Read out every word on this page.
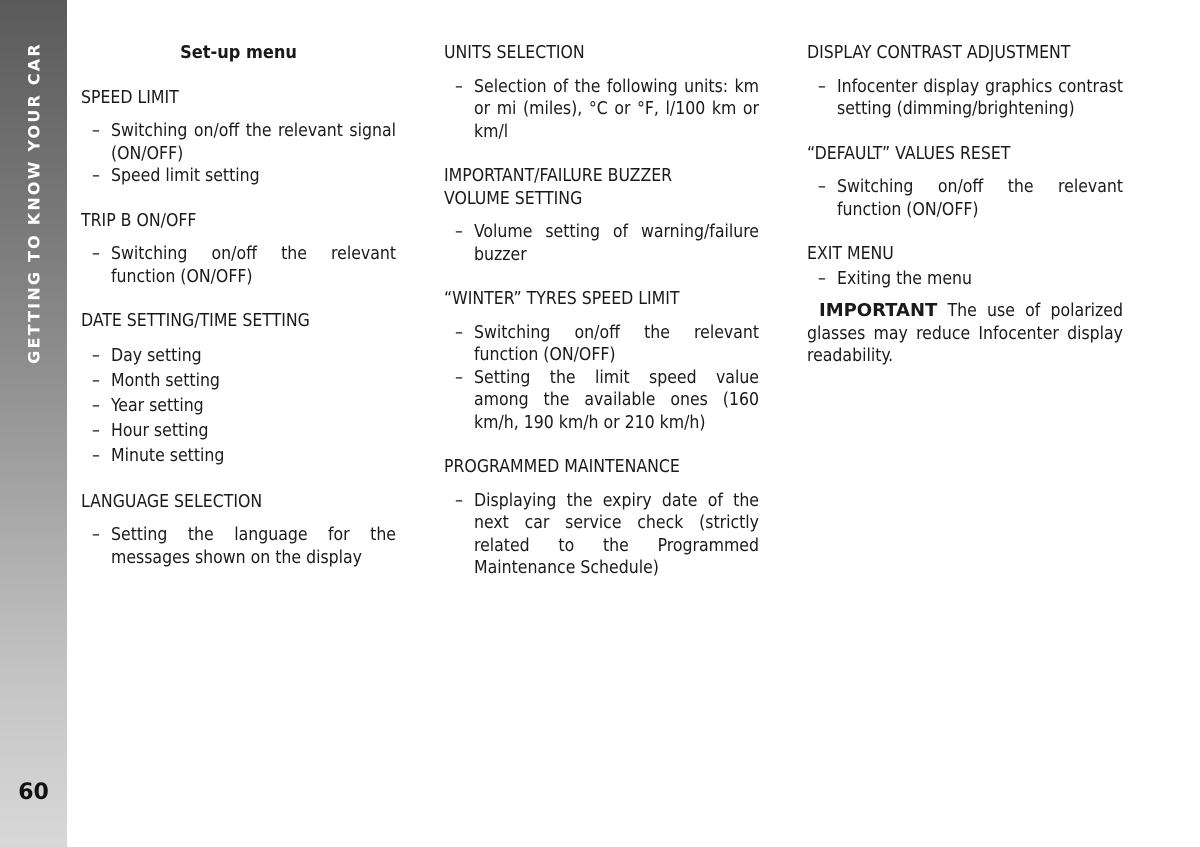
GETTING TO KNOW YOUR CAR
60
Set-up menu
SPEED LIMIT
– Switching on/off the relevant signal (ON/OFF)
– Speed limit setting
TRIP B ON/OFF
– Switching on/off the relevant function (ON/OFF)
DATE SETTING/TIME SETTING
– Day setting
– Month setting
– Year setting
– Hour setting
– Minute setting
LANGUAGE SELECTION
– Setting the language for the messages shown on the display
UNITS SELECTION
– Selection of the following units: km or mi (miles), °C or °F, l/100 km or km/l
IMPORTANT/FAILURE BUZZER
VOLUME SETTING
– Volume setting of warning/failure buzzer
“WINTER” TYRES SPEED LIMIT
– Switching on/off the relevant function (ON/OFF)
– Setting the limit speed value among the available ones (160 km/h, 190 km/h or 210 km/h)
PROGRAMMED MAINTENANCE
– Displaying the expiry date of the next car service check (strictly related to the Programmed Maintenance Schedule)
DISPLAY CONTRAST ADJUSTMENT
– Infocenter display graphics contrast setting (dimming/brightening)
“DEFAULT” VALUES RESET
– Switching on/off the relevant function (ON/OFF)
EXIT MENU
– Exiting the menu

IMPORTANT The use of polarized glasses may reduce Infocenter display readability.
